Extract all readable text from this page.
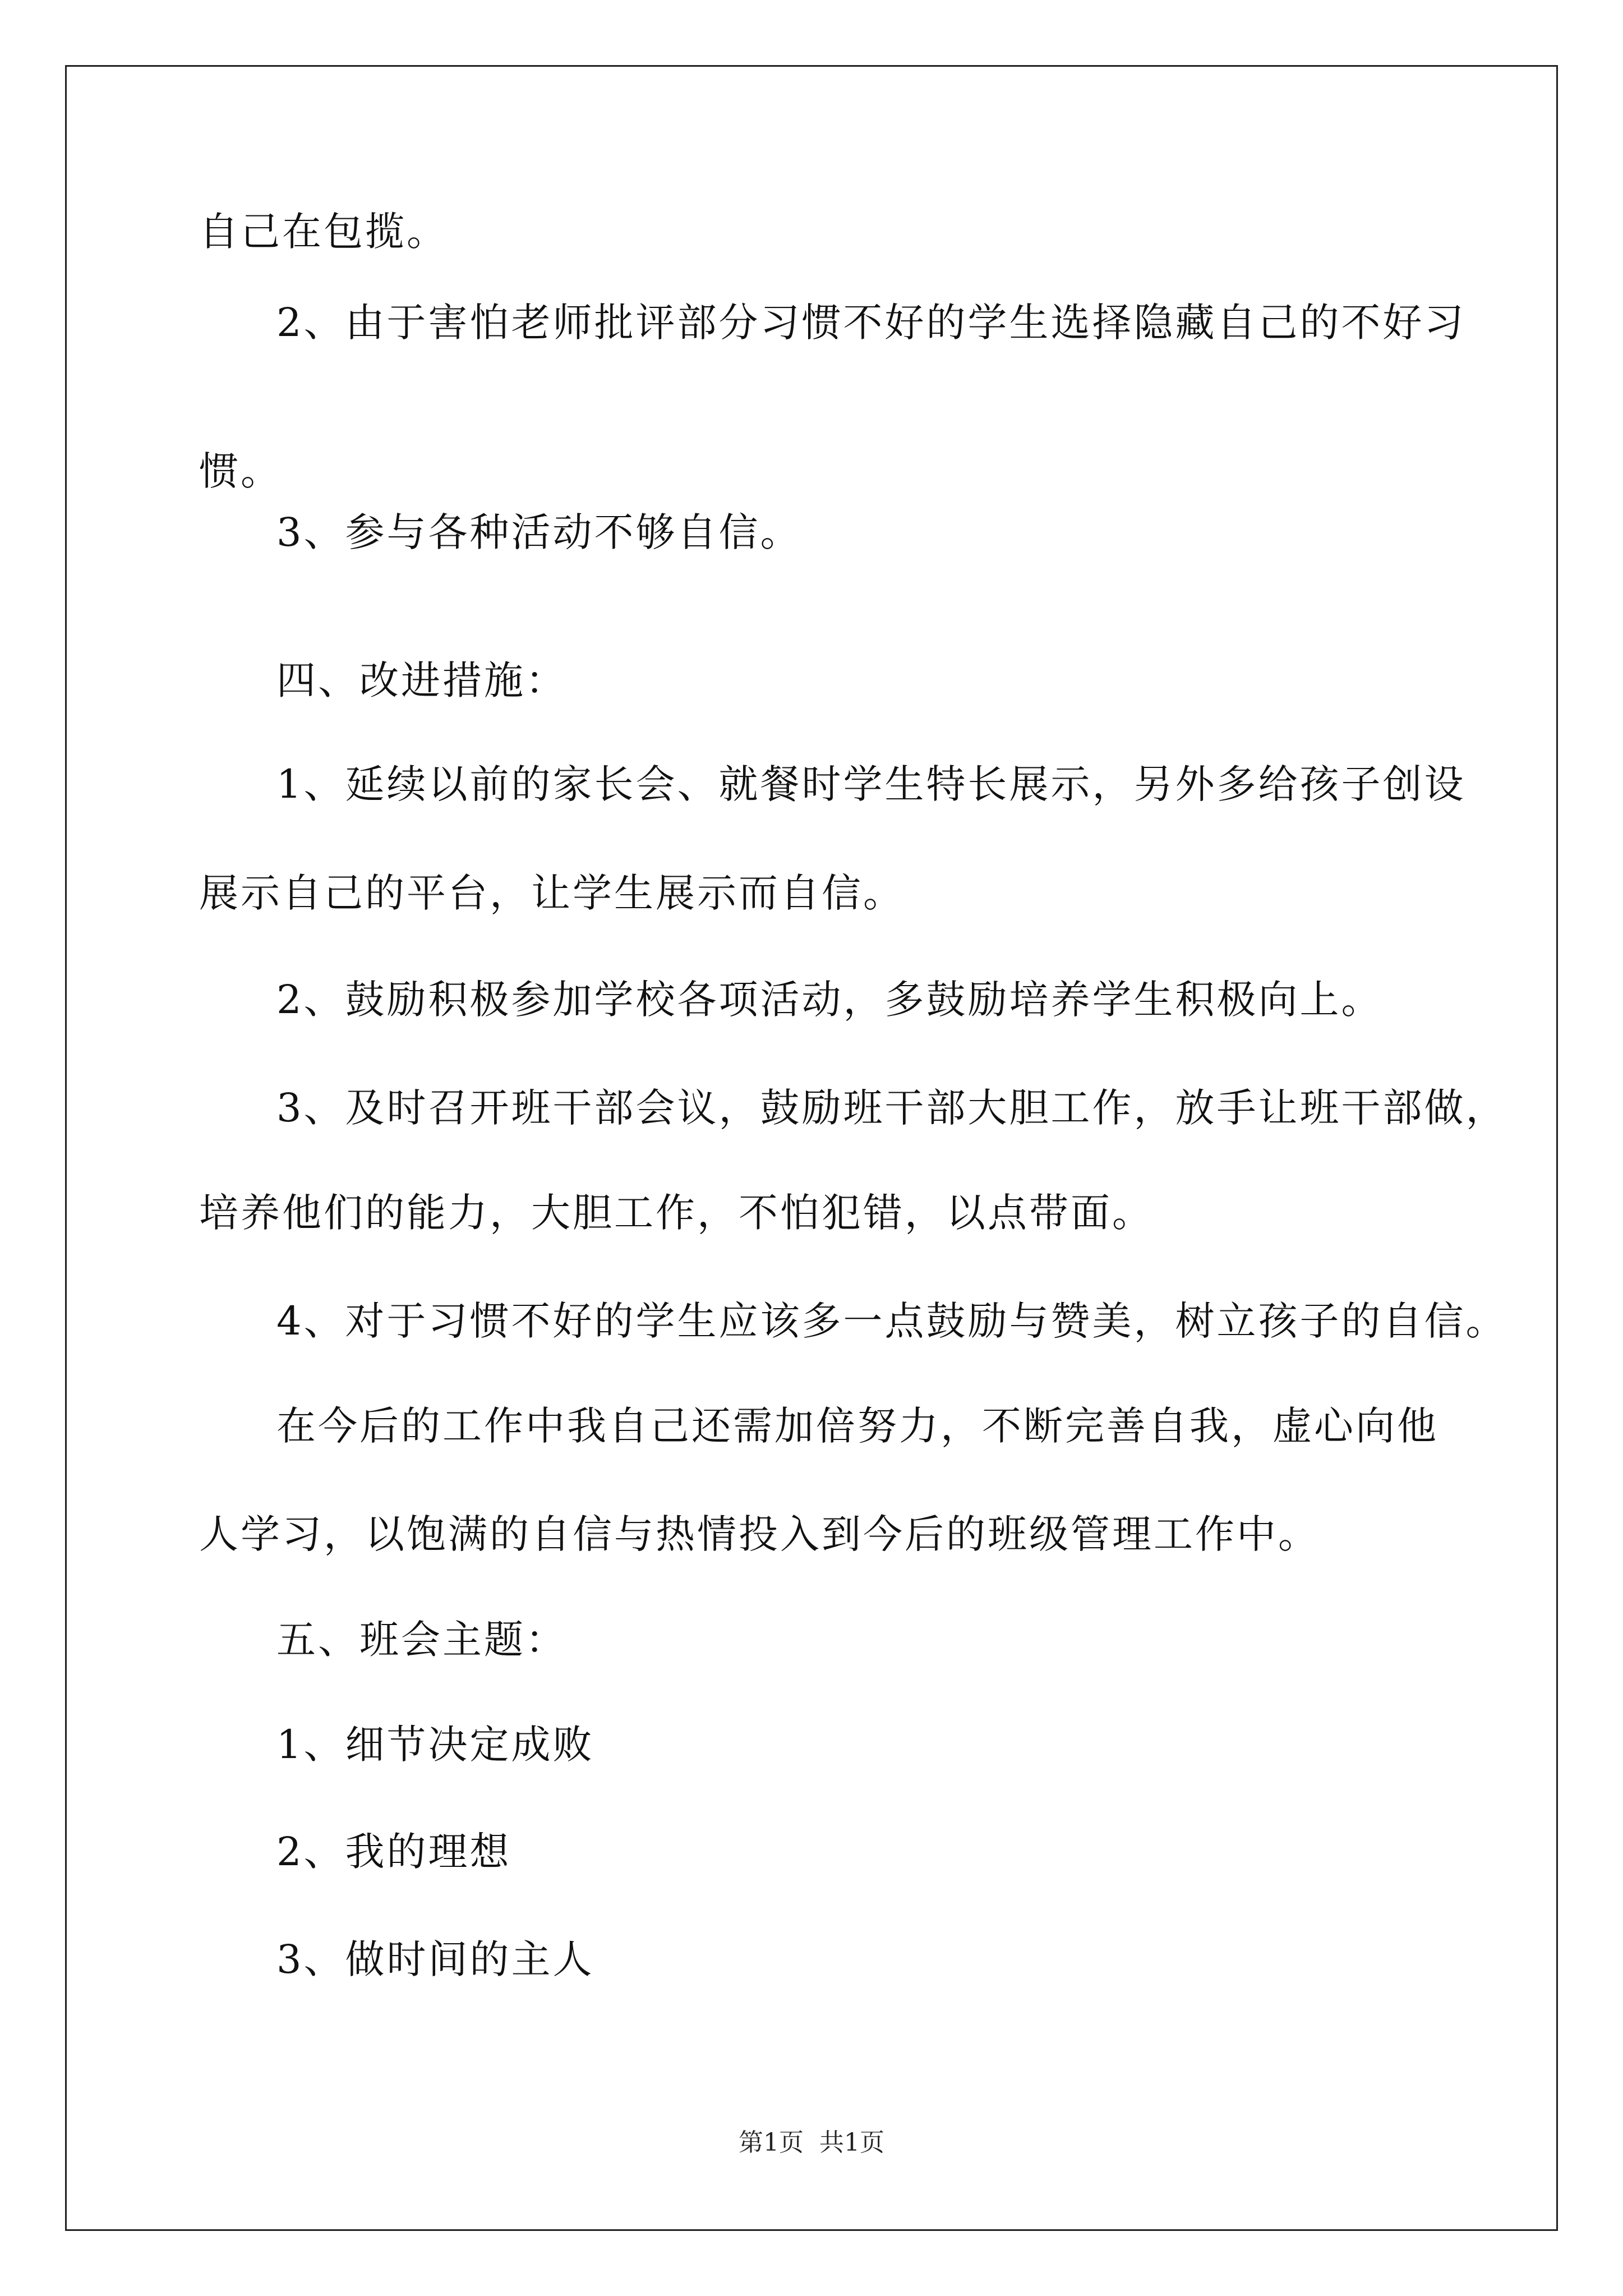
自己在包揽。
2、由于害怕老师批评部分习惯不好的学生选择隐藏自己的不好习
惯。
3、参与各种活动不够自信。
四、改进措施：
1、延续以前的家长会、就餐时学生特长展示，另外多给孩子创设
展示自己的平台，让学生展示而自信。
2、鼓励积极参加学校各项活动，多鼓励培养学生积极向上。
3、及时召开班干部会议，鼓励班干部大胆工作，放手让班干部做，
培养他们的能力，大胆工作，不怕犯错，以点带面。
4、对于习惯不好的学生应该多一点鼓励与赞美，树立孩子的自信。
在今后的工作中我自己还需加倍努力，不断完善自我，虚心向他
人学习，以饱满的自信与热情投入到今后的班级管理工作中。
五、班会主题：
1、细节决定成败
2、我的理想
3、做时间的主人
第1页 共1页
